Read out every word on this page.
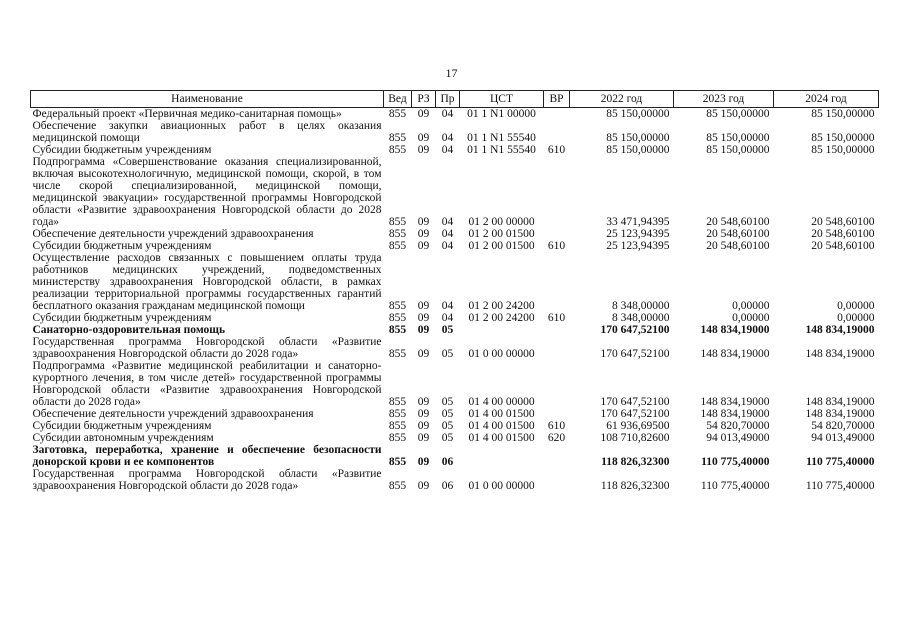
17
Наименование	Вед	РЗ	Пр	ЦСТ	ВР	2022 год	2023 год	2024 год
Федеральный проект «Первичная медико-санитарная помощь»	855	09	04	01 1 N1 00000		85 150,00000	85 150,00000	85 150,00000
Обеспечение закупки авиационных работ в целях оказания медицинской помощи	855	09	04	01 1 N1 55540		85 150,00000	85 150,00000	85 150,00000
Субсидии бюджетным учреждениям	855	09	04	01 1 N1 55540	610	85 150,00000	85 150,00000	85 150,00000
Подпрограмма «Совершенствование оказания специализированной, включая высокотехнологичную, медицинской помощи, скорой, в том числе скорой специализированной, медицинской помощи, медицинской эвакуации» государственной программы Новгородской области «Развитие здравоохранения Новгородской области до 2028 года»	855	09	04	01 2 00 00000		33 471,94395	20 548,60100	20 548,60100
Обеспечение деятельности учреждений здравоохранения	855	09	04	01 2 00 01500		25 123,94395	20 548,60100	20 548,60100
Субсидии бюджетным учреждениям	855	09	04	01 2 00 01500	610	25 123,94395	20 548,60100	20 548,60100
Осуществление расходов связанных с повышением оплаты труда работников медицинских учреждений, подведомственных министерству здравоохранения Новгородской области, в рамках реализации территориальной программы государственных гарантий бесплатного оказания гражданам медицинской помощи	855	09	04	01 2 00 24200		8 348,00000	0,00000	0,00000
Субсидии бюджетным учреждениям	855	09	04	01 2 00 24200	610	8 348,00000	0,00000	0,00000
Санаторно-оздоровительная помощь	855	09	05			170 647,52100	148 834,19000	148 834,19000
Государственная программа Новгородской области «Развитие здравоохранения Новгородской области до 2028 года»	855	09	05	01 0 00 00000		170 647,52100	148 834,19000	148 834,19000
Подпрограмма «Развитие медицинской реабилитации и санаторно-курортного лечения, в том числе детей» государственной программы Новгородской области «Развитие здравоохранения Новгородской области до 2028 года»	855	09	05	01 4 00 00000		170 647,52100	148 834,19000	148 834,19000
Обеспечение деятельности учреждений здравоохранения	855	09	05	01 4 00 01500		170 647,52100	148 834,19000	148 834,19000
Субсидии бюджетным учреждениям	855	09	05	01 4 00 01500	610	61 936,69500	54 820,70000	54 820,70000
Субсидии автономным учреждениям	855	09	05	01 4 00 01500	620	108 710,82600	94 013,49000	94 013,49000
Заготовка, переработка, хранение и обеспечение безопасности донорской крови и ее компонентов	855	09	06			118 826,32300	110 775,40000	110 775,40000
Государственная программа Новгородской области «Развитие здравоохранения Новгородской области до 2028 года»	855	09	06	01 0 00 00000		118 826,32300	110 775,40000	110 775,40000
